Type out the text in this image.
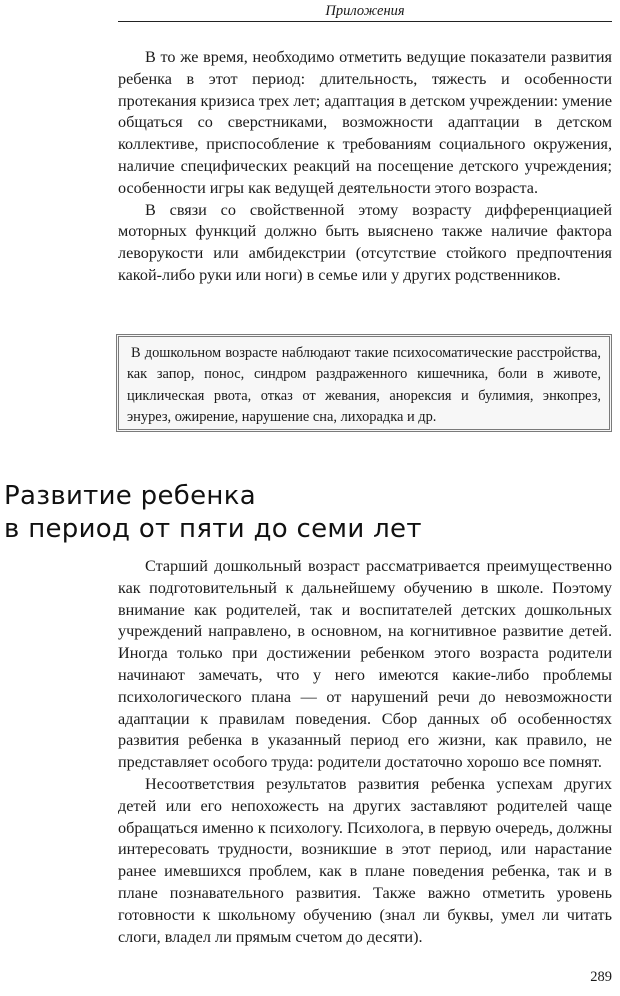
Приложения

В то же время, необходимо отметить ведущие показатели развития ребенка в этот период: длительность, тяжесть и особенности протекания кризиса трех лет; адаптация в детском учреждении: умение общаться со сверстниками, возможности адаптации в детском коллективе, приспособление к требованиям социального окружения, наличие специфических реакций на посещение детского учреждения; особенности игры как ведущей деятельности этого возраста.

В связи со свойственной этому возрасту дифференциацией моторных функций должно быть выяснено также наличие фактора леворукости или амбидекстрии (отсутствие стойкого предпочтения какой-либо руки или ноги) в семье или у других родственников.

В дошкольном возрасте наблюдают такие психосоматические расстройства, как запор, понос, синдром раздраженного кишечника, боли в животе, циклическая рвота, отказ от жевания, анорексия и булимия, энкопрез, энурез, ожирение, нарушение сна, лихорадка и др.

Развитие ребенка
в период от пяти до семи лет

Старший дошкольный возраст рассматривается преимущественно как подготовительный к дальнейшему обучению в школе. Поэтому внимание как родителей, так и воспитателей детских дошкольных учреждений направлено, в основном, на когнитивное развитие детей. Иногда только при достижении ребенком этого возраста родители начинают замечать, что у него имеются какие-либо проблемы психологического плана — от нарушений речи до невозможности адаптации к правилам поведения. Сбор данных об особенностях развития ребенка в указанный период его жизни, как правило, не представляет особого труда: родители достаточно хорошо все помнят.

Несоответствия результатов развития ребенка успехам других детей или его непохожесть на других заставляют родителей чаще обращаться именно к психологу. Психолога, в первую очередь, должны интересовать трудности, возникшие в этот период, или нарастание ранее имевшихся проблем, как в плане поведения ребенка, так и в плане познавательного развития. Также важно отметить уровень готовности к школьному обучению (знал ли буквы, умел ли читать слоги, владел ли прямым счетом до десяти).

289
